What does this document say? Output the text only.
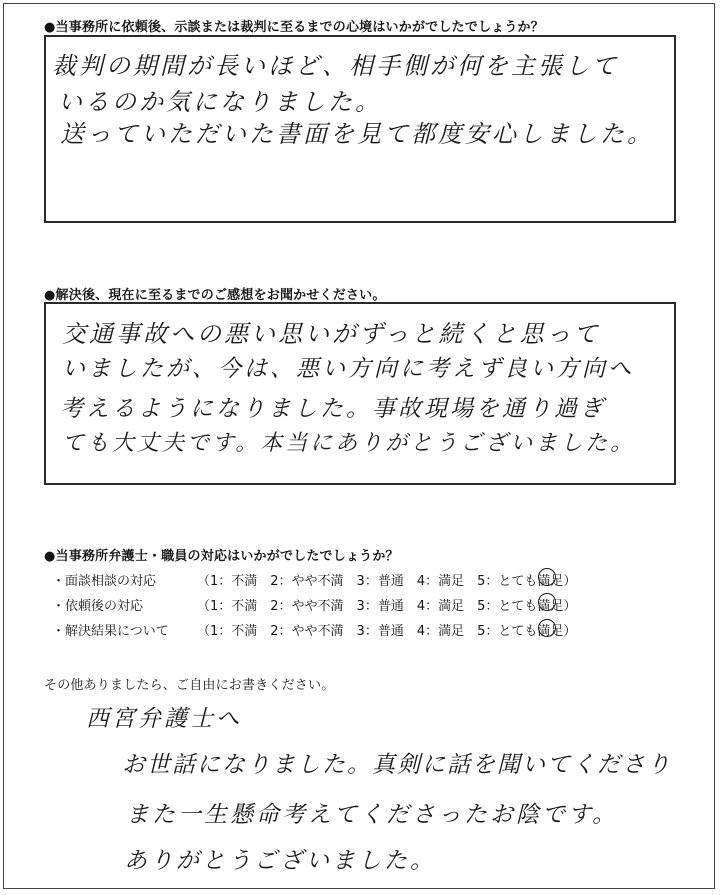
●当事務所に依頼後、示談または裁判に至るまでの心境はいかがでしたでしょうか？
裁判の期間が長いほど、相手側が何を主張して
いるのか気になりました。
送っていただいた書面を見て都度安心しました。
●解決後、現在に至るまでのご感想をお聞かせください。
交通事故への悪い思いがずっと続くと思って
いましたが、今は、悪い方向に考えず良い方向へ
考えるようになりました。事故現場を通り過ぎ
ても大丈夫です。本当にありがとうございました。
●当事務所弁護士・職員の対応はいかがでしたでしょうか？
・面談相談の対応	（1：不満　2：やや不満　3：普通　4：満足　5：とても満足）
・依頼後の対応	（1：不満　2：やや不満　3：普通　4：満足　5：とても満足）
・解決結果について （1：不満　2：やや不満　3：普通　4：満足　5：とても満足）
その他ありましたら、ご自由にお書きください。
西宮弁護士へ
お世話になりました。真剣に話を聞いてくださり
また一生懸命考えてくださったお陰です。
ありがとうございました。
